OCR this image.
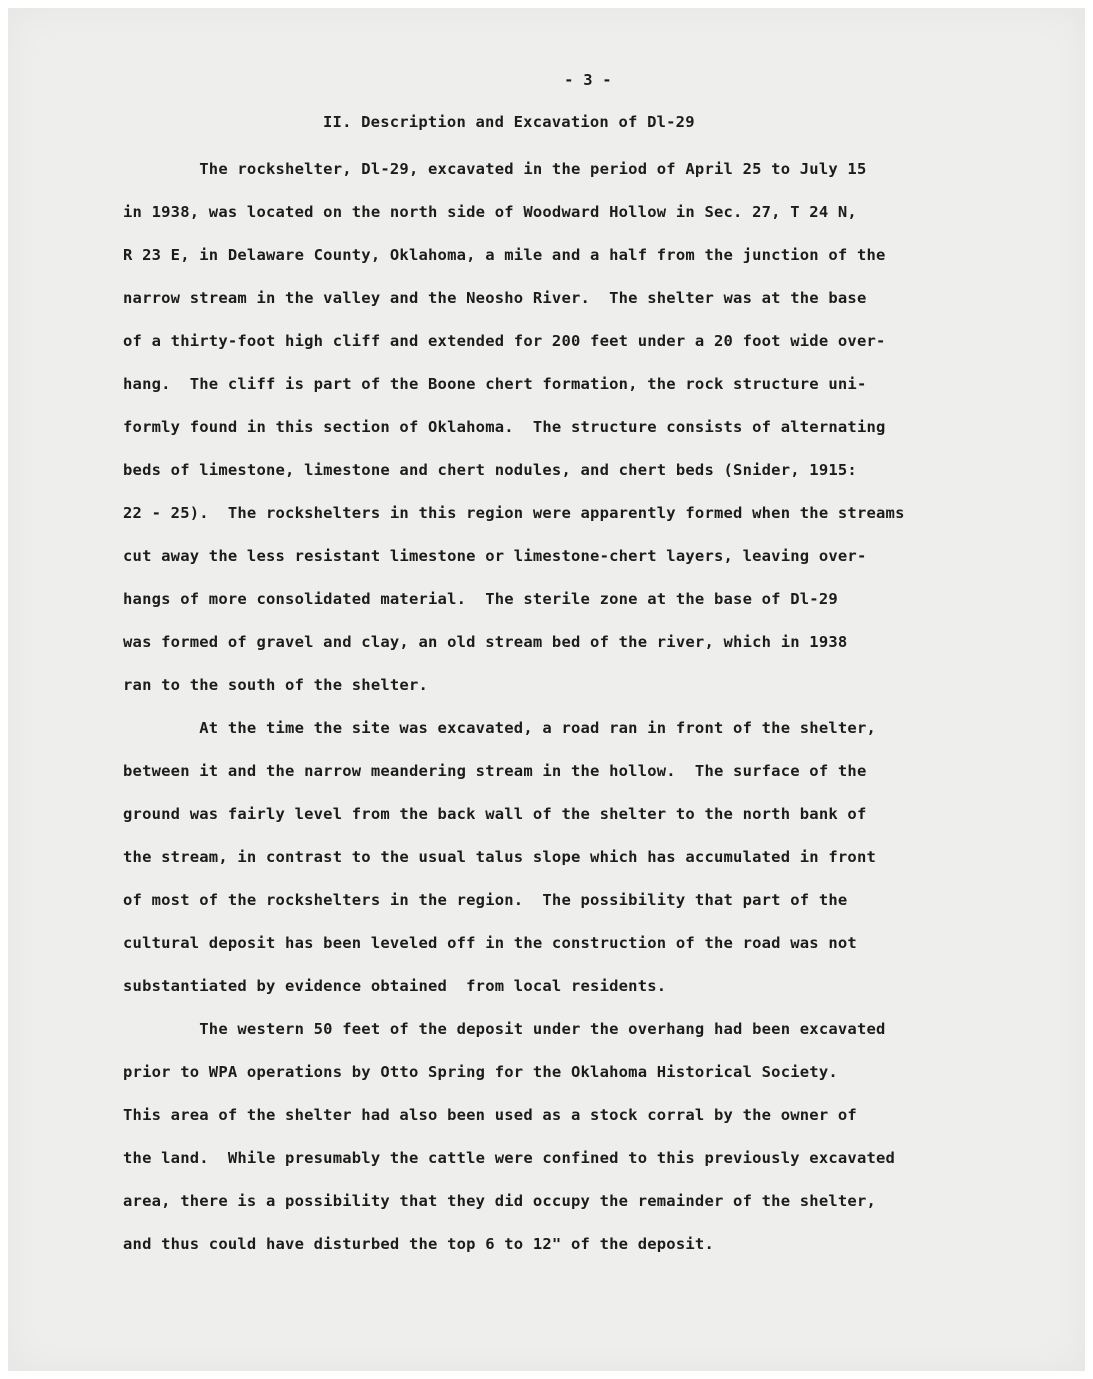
- 3 -
II. Description and Excavation of Dl-29
The rockshelter, Dl-29, excavated in the period of April 25 to July 15
in 1938, was located on the north side of Woodward Hollow in Sec. 27, T 24 N,
R 23 E, in Delaware County, Oklahoma, a mile and a half from the junction of the
narrow stream in the valley and the Neosho River.  The shelter was at the base
of a thirty-foot high cliff and extended for 200 feet under a 20 foot wide over-
hang.  The cliff is part of the Boone chert formation, the rock structure uni-
formly found in this section of Oklahoma.  The structure consists of alternating
beds of limestone, limestone and chert nodules, and chert beds (Snider, 1915:
22 - 25).  The rockshelters in this region were apparently formed when the streams
cut away the less resistant limestone or limestone-chert layers, leaving over-
hangs of more consolidated material.  The sterile zone at the base of Dl-29
was formed of gravel and clay, an old stream bed of the river, which in 1938
ran to the south of the shelter.
At the time the site was excavated, a road ran in front of the shelter,
between it and the narrow meandering stream in the hollow.  The surface of the
ground was fairly level from the back wall of the shelter to the north bank of
the stream, in contrast to the usual talus slope which has accumulated in front
of most of the rockshelters in the region.  The possibility that part of the
cultural deposit has been leveled off in the construction of the road was not
substantiated by evidence obtained  from local residents.
The western 50 feet of the deposit under the overhang had been excavated
prior to WPA operations by Otto Spring for the Oklahoma Historical Society.
This area of the shelter had also been used as a stock corral by the owner of
the land.  While presumably the cattle were confined to this previously excavated
area, there is a possibility that they did occupy the remainder of the shelter,
and thus could have disturbed the top 6 to 12" of the deposit.
